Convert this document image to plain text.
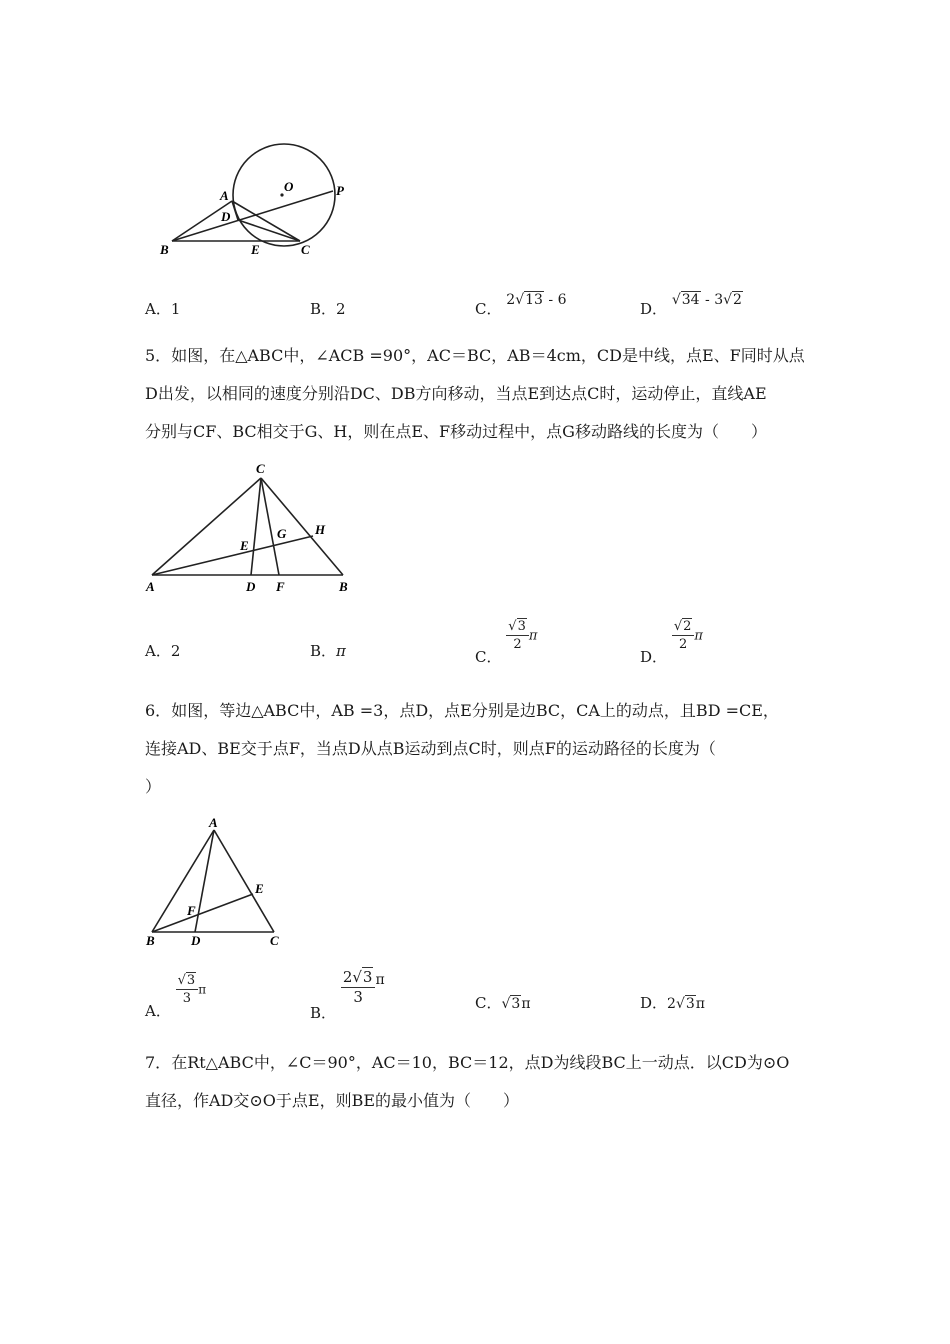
A
O	P
D
B	E	C
A．1	B．2	C． 2√13 - 6	D． √34 - 3√2
5．如图，在△ABC中，∠ACB =90°，AC＝BC，AB＝4cm，CD是中线，点E、F同时从点
D出发，以相同的速度分别沿DC、DB方向移动，当点E到达点C时，运动停止，直线AE
分别与CF、BC相交于G、H，则在点E、F移动过程中，点G移动路线的长度为（　　）
C
H
G
E
A	D F	B
A．2	B．π	C．
$\frac{√3}{2}$ π
D．
$\frac{√2}{2}$ π
6．如图，等边△ABC中，AB =3，点D，点E分别是边BC，CA上的动点，且BD =CE，
连接AD、BE交于点F，当点D从点B运动到点C时，则点F的运动路径的长度为（
）
A
E
F
B	D	C
A．
$\frac{√3}{3}$ π
B．
$\frac{2√3}{3}$ π
C．√3π	D．2√3π
7．在Rt△ABC中，∠C＝90°，AC＝10，BC＝12，点D为线段BC上一动点．以CD为⊙O
直径，作AD交⊙O于点E，则BE的最小值为（　　）
